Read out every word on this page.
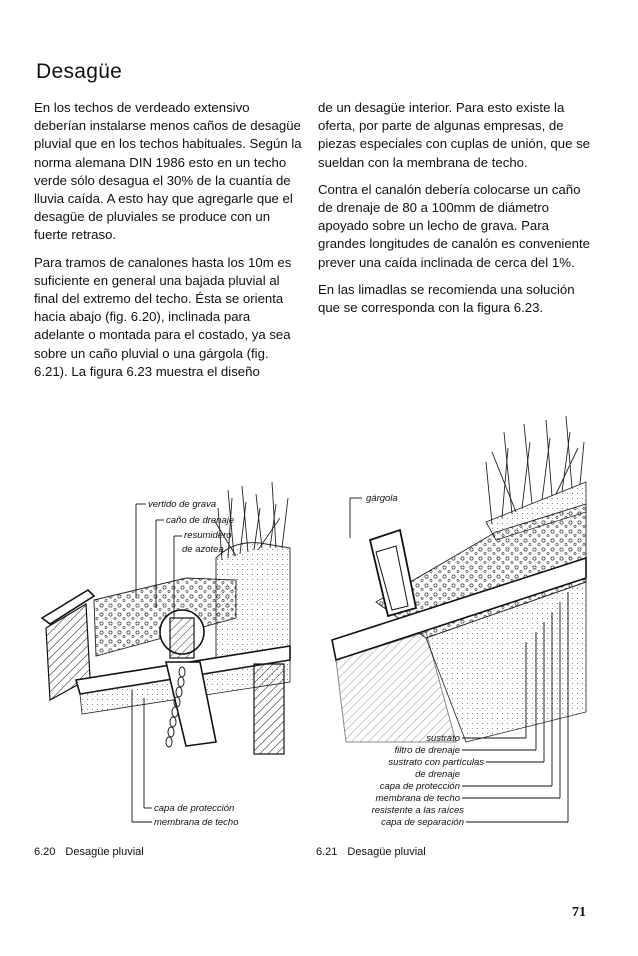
Desagüe

En los techos de verdeado extensivo deberían instalarse menos caños de desagüe pluvial que en los techos habituales. Según la norma alemana DIN 1986 esto en un techo verde sólo desagua el 30% de la cuantía de lluvia caída. A esto hay que agregarle que el desagüe de pluviales se produce con un fuerte retraso.

Para tramos de canalones hasta los 10m es suficiente en general una bajada pluvial al final del extremo del techo. Ésta se orienta hacia abajo (fig. 6.20), inclinada para adelante o montada para el costado, ya sea sobre un caño pluvial o una gárgola (fig. 6.21). La figura 6.23 muestra el diseño

de un desagüe interior. Para esto existe la oferta, por parte de algunas empresas, de piezas especiales con cuplas de unión, que se sueldan con la membrana de techo.

Contra el canalón debería colocarse un caño de drenaje de 80 a 100mm de diámetro apoyado sobre un lecho de grava. Para grandes longitudes de canalón es conveniente prever una caída inclinada de cerca del 1%.

En las limadlas se recomienda una solución que se corresponda con la figura 6.23.

vertido de grava
caño de drenaje
resumidero
de azotea
capa de protección
membrana de techo
gárgola
sustrato
filtro de drenaje
sustrato con partículas
de drenaje
capa de protección
membrana de techo
resistente a las raíces
capa de separación
6.20 Desagüe pluvial	6.21 Desagüe pluvial
71
